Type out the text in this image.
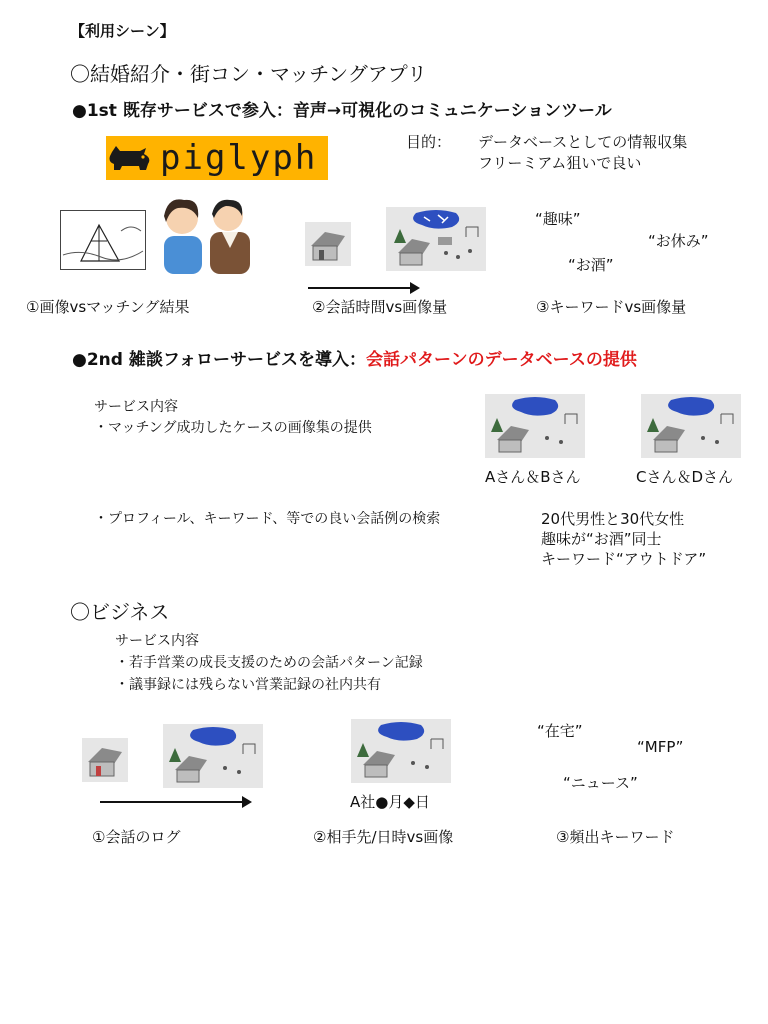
【利用シーン】
〇結婚紹介・街コン・マッチングアプリ
●1st 既存サービスで参入：音声→可視化のコミュニケーションツール
piglyph	目的： データベースとしての情報収集
フリーミアム狙いで良い
“趣味”
“お休み”
“お酒”
①画像vsマッチング結果	②会話時間vs画像量	③キーワードvs画像量
●2nd 雑談フォローサービスを導入：会話パターンのデータベースの提供
サービス内容
・マッチング成功したケースの画像集の提供
Aさん＆Bさん	Cさん＆Dさん
・プロフィール、キーワード、等での良い会話例の検索	20代男性と30代女性
趣味が“お酒”同士
キーワード“アウトドア”
〇ビジネス
サービス内容
・若手営業の成長支援のための会話パターン記録
・議事録には残らない営業記録の社内共有
A社●月◆日
“在宅”
“MFP”
“ニュース”
①会話のログ	②相手先/日時vs画像	③頻出キーワード
